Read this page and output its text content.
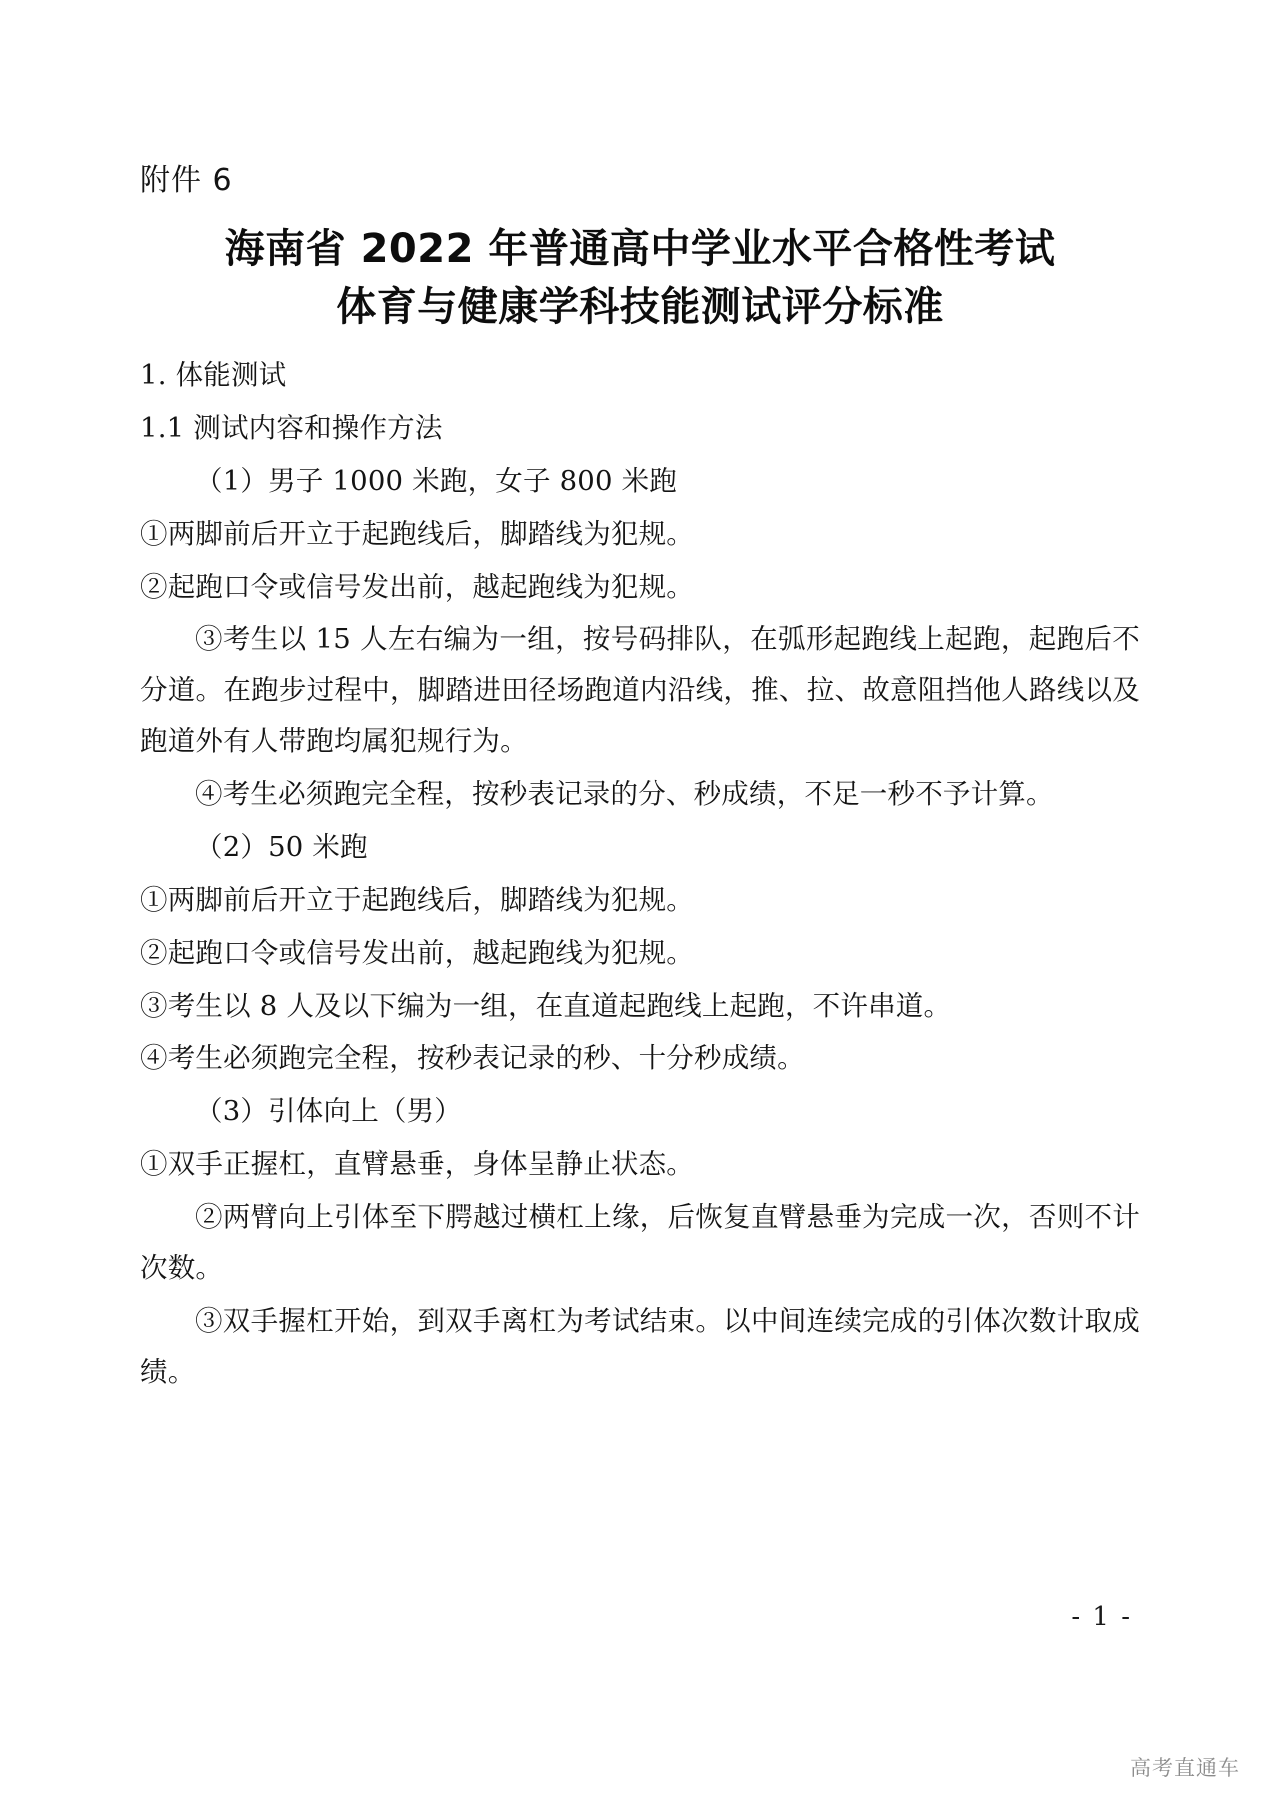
附件 6
海南省 2022 年普通高中学业水平合格性考试
体育与健康学科技能测试评分标准

1. 体能测试

1.1 测试内容和操作方法

（1）男子 1000 米跑，女子 800 米跑

①两脚前后开立于起跑线后，脚踏线为犯规。

②起跑口令或信号发出前，越起跑线为犯规。

③考生以 15 人左右编为一组，按号码排队，在弧形起跑线上起跑，起跑后不分道。在跑步过程中，脚踏进田径场跑道内沿线，推、拉、故意阻挡他人路线以及跑道外有人带跑均属犯规行为。

④考生必须跑完全程，按秒表记录的分、秒成绩，不足一秒不予计算。

（2）50 米跑

①两脚前后开立于起跑线后，脚踏线为犯规。

②起跑口令或信号发出前，越起跑线为犯规。

③考生以 8 人及以下编为一组，在直道起跑线上起跑，不许串道。

④考生必须跑完全程，按秒表记录的秒、十分秒成绩。

（3）引体向上（男）

①双手正握杠，直臂悬垂，身体呈静止状态。

②两臂向上引体至下腭越过横杠上缘，后恢复直臂悬垂为完成一次，否则不计次数。

③双手握杠开始，到双手离杠为考试结束。以中间连续完成的引体次数计取成绩。

- 1 -
高考直通车
